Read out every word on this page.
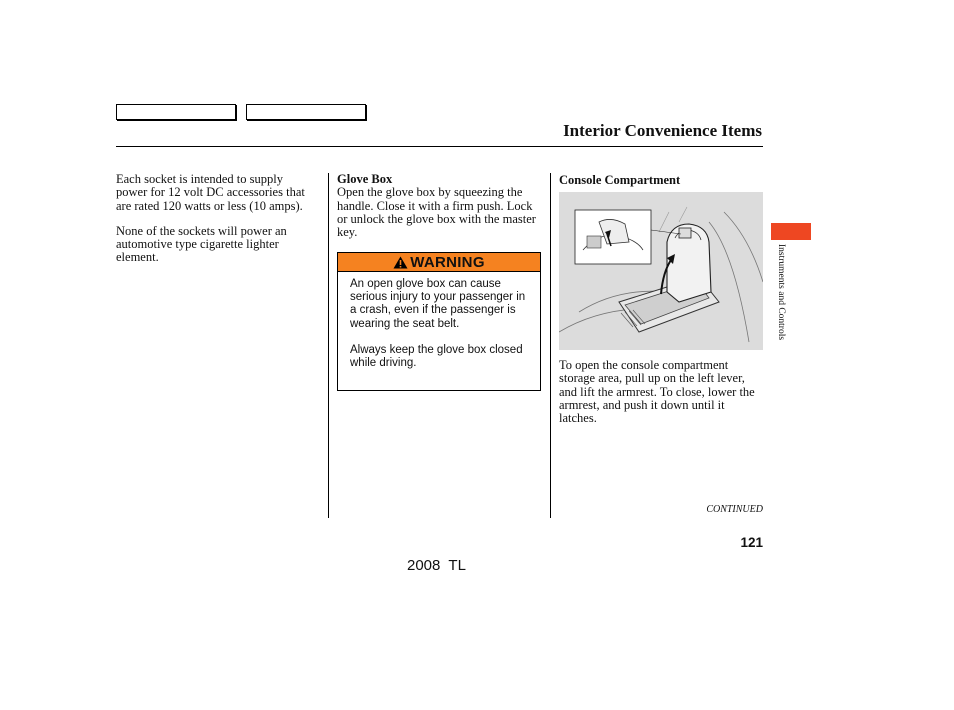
Interior Convenience Items

Each socket is intended to supply power for 12 volt DC accessories that are rated 120 watts or less (10 amps).

None of the sockets will power an automotive type cigarette lighter element.

Glove Box

Open the glove box by squeezing the handle. Close it with a firm push. Lock or unlock the glove box with the master key.

WARNING

An open glove box can cause serious injury to your passenger in a crash, even if the passenger is wearing the seat belt.

Always keep the glove box closed while driving.

Console Compartment
To open the console compartment storage area, pull up on the left lever, and lift the armrest. To close, lower the armrest, and push it down until it latches.
Instruments and Controls
CONTINUED
121
2008  TL
